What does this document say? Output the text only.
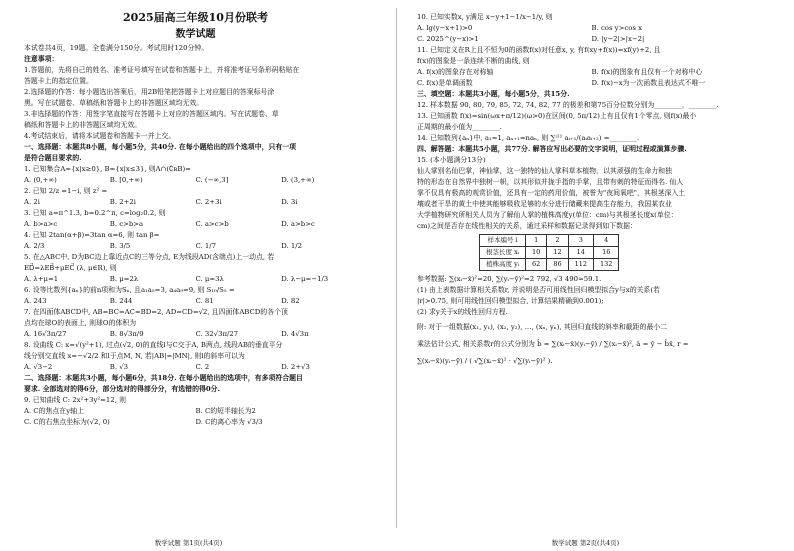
2025届高三年级10月份联考

数学试题

本试卷共4页，19题。全卷满分150分。考试用时120分钟。

注意事项：

1.答题前，先将自己的姓名、准考证号填写在试卷和答题卡上，并将准考证号条形码粘贴在

答题卡上的指定位置。

2.选择题的作答：每小题选出答案后，用2B铅笔把答题卡上对应题目的答案标号涂

黑。写在试题卷、草稿纸和答题卡上的非答题区域均无效。

3.非选择题的作答：用签字笔直接写在答题卡上对应的答题区域内。写在试题卷、草

稿纸和答题卡上的非答题区域均无效。

4.考试结束后，请将本试题卷和答题卡一并上交。

一、选择题：本题共8小题，每小题5分，共40分. 在每小题给出的四个选项中，只有一项

是符合题目要求的.

1. 已知集合A={x|x≥0}, B={x|x≤3}, 则A∩(∁ʀB)=

A. (0,+∞)	B. [0,+∞)	C. (−∞,3]	D. (3,+∞)

2. 已知 2/z =1−i, 则 z² =

A. 2i	B. 2+2i	C. 2+3i	D. 3i

3. 已知 a=π^1.3, b=0.2^π, c=log₂0.2, 则

A. b>a>c	B. c>b>a	C. a>c>b	D. a>b>c

4. 已知 2tan(α+β)=3tan α=6, 则 tan β=

A. 2/3	B. 3/5	C. 1/7	D. 1/2

5. 在△ABC中, D为BC边上靠近点C的三等分点, E为线段AD(含端点)上一动点, 若

ED⃗=λEB⃗+μEC⃗ (λ, μ∈R), 则

A. λ+μ=1	B. μ=2λ	C. μ=3λ	D. λ−μ=−1/3

6. 设等比数列{aₙ}的前n项和为Sₙ, 且a₁a₅=3, a₄a₉=9, 则 S₁₀/S₅ =

A. 243	B. 244	C. 81	D. 82

7. 在四面体ABCD中, AB=BC=AC=BD=2, AD=CD=√2, 且四面体ABCD的各个顶

点均在球O的表面上, 则球O的体积为

A. 16√3π/27	B. 8√3π/9	C. 32√3π/27	D. 4√3π

8. 设曲线 C: x=√(y²+1), 过点(√2, 0)的直线l与C交于A, B两点, 线段AB的垂直平分

线分别交直线 x=−√2/2 和l于点M, N, 若|AB|=|MN|, 则l的斜率可以为

A. √3−2	B. √3	C. 2	D. 2+√3

二、选择题：本题共3小题，每小题6分，共18分. 在每小题给出的选项中，有多项符合题目

要求. 全部选对的得6分，部分选对的得部分分，有选错的得0分.

9. 已知曲线 C: 2x²+3y²=12, 则

A. C的焦点在y轴上	B. C的短半轴长为2

C. C的右焦点坐标为(√2, 0)	D. C的离心率为 √3/3

数学试题 第1页(共4页)

10. 已知实数x, y满足 x−y+1−1/x−1/y, 则

A. lg(y−x+1)>0	B. cos y>cos x

C. 2025^(y−x)>1	D. |y−2|>|x−2|

11. 已知定义在R上且不恒为0的函数f(x)对任意x, y, 有f(xy+f(x))=xf(y)+2, 且

f(x)的图象是一条连续不断的曲线, 则

A. f(x)的图象存在对称轴	B. f(x)的图象有且仅有一个对称中心

C. f(x)是单调函数	D. f(x)−x为一次函数且表达式不唯一

三、填空题：本题共3小题，每小题5分，共15分.

12. 样本数据 90, 80, 79, 85, 72, 74, 82, 77 的极差和第75百分位数分别为________，________.

13. 已知函数 f(x)=sin(ωx+π/12)(ω>0)在区间(0, 5π/12)上有且仅有1个零点, 则f(x)最小

正周期的最小值为________.

14. 已知数列{aₙ}中, a₁=1, aₙ₊₁=naₙ, 则 ∑ⁱ¹¹ aᵢ₊₁/(aᵢaᵢ₊₂) =________.

四、解答题：本题共5小题，共77分. 解答应写出必要的文字说明，证明过程或演算步骤.

15. (本小题满分13分)

仙人掌别名仙巴掌，神仙掌，这一独特的仙人掌科草本植物，以其顽强的生命力和独

特的形态在自然界中独树一帜，以其形似并拢手指的手掌，且带有刺的特征而得名. 仙人

掌不仅具有极高的观赏价值，还具有一定的药用价值，被誉为"夜间氧吧"，其根茎深入土

壤或者干旱的黄土中使其能够吸收足够的水分进行储藏来提高生存能力，我国某农业

大学植物研究所相关人员为了解仙人掌的植株高度y(单位：cm)与其根茎长度x(单位：

cm)之间是否存在线性相关的关系，通过采样和数据记录得到如下数据：

样本编号 i	1	2	3	4
根茎长度 xᵢ	10	12	14	16
植株高度 yᵢ	62	86	112	132

参考数据: ∑(xᵢ−x̄)²=20, ∑(yᵢ−ȳ)²=2 792, √3 490≈59.1.

(1) 由上表数据计算相关系数r, 并说明是否可用线性回归模型拟合y与x的关系(若

|r|>0.75, 则可用线性回归模型拟合, 计算结果精确到0.001);

(2) 求y关于x的线性回归方程.

附: 对于一组数据(x₁, y₁), (x₂, y₂), …, (xₙ, yₙ), 其回归直线的斜率和截距的最小二

乘法估计公式, 相关系数r的公式分别为 b̂ = ∑(xᵢ−x̄)(yᵢ−ȳ) / ∑(xᵢ−x̄)², â = ȳ − b̂x̄, r =

∑(xᵢ−x̄)(yᵢ−ȳ) / ( √∑(xᵢ−x̄)² · √∑(yᵢ−ȳ)² ).

数学试题 第2页(共4页)
